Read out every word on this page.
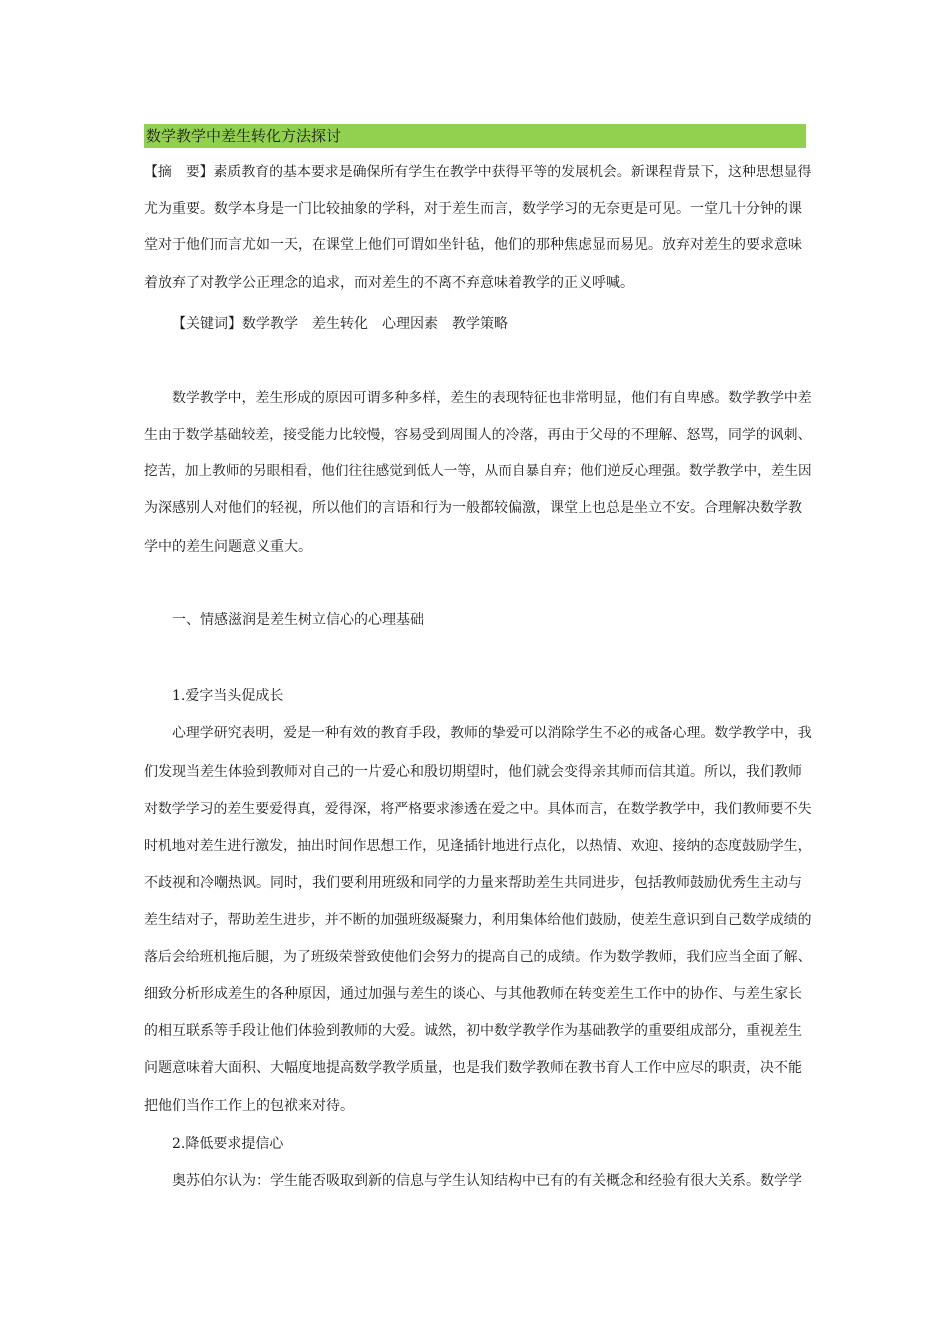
数学教学中差生转化方法探讨
【摘　要】素质教育的基本要求是确保所有学生在教学中获得平等的发展机会。新课程背景下，这种思想显得
尤为重要。数学本身是一门比较抽象的学科，对于差生而言，数学学习的无奈更是可见。一堂几十分钟的课
堂对于他们而言尤如一天，在课堂上他们可谓如坐针毡，他们的那种焦虑显而易见。放弃对差生的要求意味
着放弃了对教学公正理念的追求，而对差生的不离不弃意味着教学的正义呼喊。
【关键词】数学教学　差生转化　心理因素　教学策略
数学教学中，差生形成的原因可谓多种多样，差生的表现特征也非常明显，他们有自卑感。数学教学中差
生由于数学基础较差，接受能力比较慢，容易受到周围人的冷落，再由于父母的不理解、怒骂，同学的讽刺、
挖苦，加上教师的另眼相看，他们往往感觉到低人一等，从而自暴自弃；他们逆反心理强。数学教学中，差生因
为深感别人对他们的轻视，所以他们的言语和行为一般都较偏激，课堂上也总是坐立不安。合理解决数学教
学中的差生问题意义重大。
一、情感滋润是差生树立信心的心理基础
1.爱字当头促成长
心理学研究表明，爱是一种有效的教育手段，教师的挚爱可以消除学生不必的戒备心理。数学教学中，我
们发现当差生体验到教师对自己的一片爱心和殷切期望时，他们就会变得亲其师而信其道。所以，我们教师
对数学学习的差生要爱得真，爱得深，将严格要求渗透在爱之中。具体而言，在数学教学中，我们教师要不失
时机地对差生进行激发，抽出时间作思想工作，见逢插针地进行点化，以热情、欢迎、接纳的态度鼓励学生，
不歧视和冷嘲热讽。同时，我们要利用班级和同学的力量来帮助差生共同进步，包括教师鼓励优秀生主动与
差生结对子，帮助差生进步，并不断的加强班级凝聚力，利用集体给他们鼓励，使差生意识到自己数学成绩的
落后会给班机拖后腿，为了班级荣誉致使他们会努力的提高自己的成绩。作为数学教师，我们应当全面了解、
细致分析形成差生的各种原因，通过加强与差生的谈心、与其他教师在转变差生工作中的协作、与差生家长
的相互联系等手段让他们体验到教师的大爱。诚然，初中数学教学作为基础教学的重要组成部分，重视差生
问题意味着大面积、大幅度地提高数学教学质量，也是我们数学教师在教书育人工作中应尽的职责，决不能
把他们当作工作上的包袱来对待。
2.降低要求提信心
奥苏伯尔认为：学生能否吸取到新的信息与学生认知结构中已有的有关概念和经验有很大关系。数学学
